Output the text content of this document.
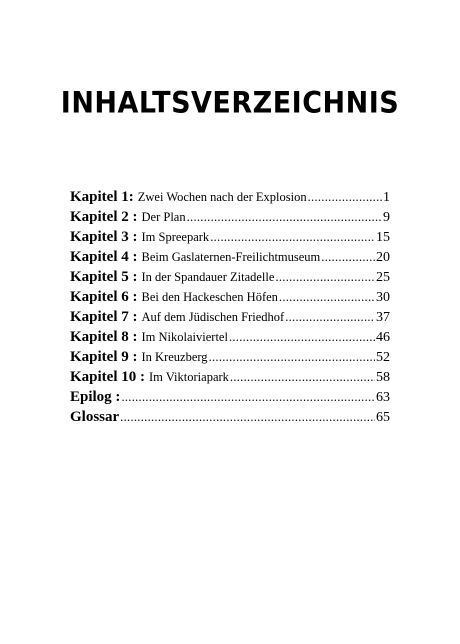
INHALTSVERZEICHNIS
Kapitel 1: Zwei Wochen nach der Explosion .....	1
Kapitel 2 : Der Plan .....	9
Kapitel 3 : Im Spreepark .....	15
Kapitel 4 : Beim Gaslaternen-Freilichtmuseum .....	20
Kapitel 5 : In der Spandauer Zitadelle .....	25
Kapitel 6 : Bei den Hackeschen Höfen .....	30
Kapitel 7 : Auf dem Jüdischen Friedhof .....	37
Kapitel 8 : Im Nikolaiviertel .....	46
Kapitel 9 : In Kreuzberg .....	52
Kapitel 10 : Im Viktoriapark .....	58
Epilog : .....	63
Glossar .....	65
